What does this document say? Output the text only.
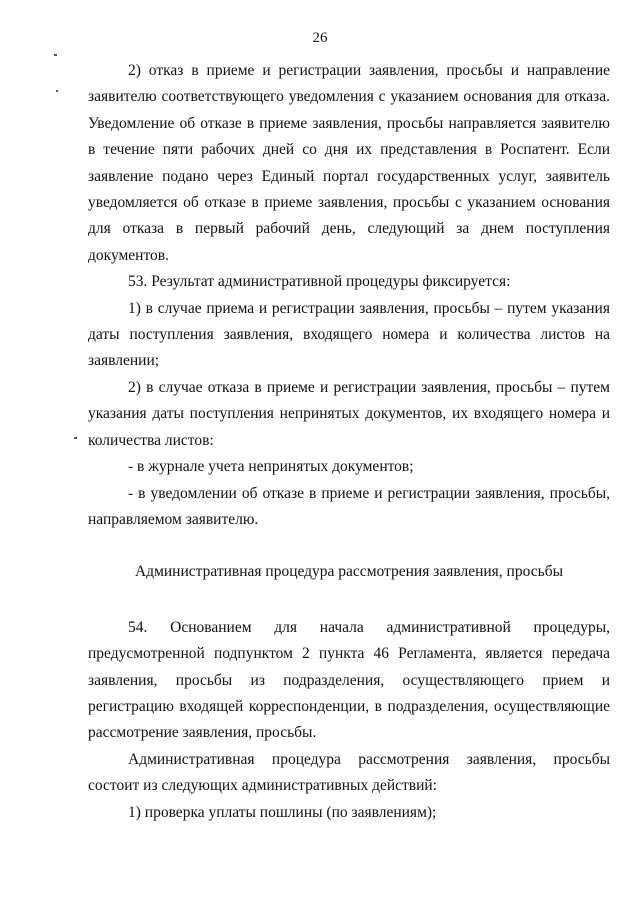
26

2) отказ в приеме и регистрации заявления, просьбы и направление заявителю соответствующего уведомления с указанием основания для отказа. Уведомление об отказе в приеме заявления, просьбы направляется заявителю в течение пяти рабочих дней со дня их представления в Роспатент. Если заявление подано через Единый портал государственных услуг, заявитель уведомляется об отказе в приеме заявления, просьбы с указанием основания для отказа в первый рабочий день, следующий за днем поступления документов.

53. Результат административной процедуры фиксируется:

1) в случае приема и регистрации заявления, просьбы – путем указания даты поступления заявления, входящего номера и количества листов на заявлении;

2) в случае отказа в приеме и регистрации заявления, просьбы – путем указания даты поступления непринятых документов, их входящего номера и количества листов:

- в журнале учета непринятых документов;

- в уведомлении об отказе в приеме и регистрации заявления, просьбы, направляемом заявителю.

Административная процедура рассмотрения заявления, просьбы

54. Основанием для начала административной процедуры, предусмотренной подпунктом 2 пункта 46 Регламента, является передача заявления, просьбы из подразделения, осуществляющего прием и регистрацию входящей корреспонденции, в подразделения, осуществляющие рассмотрение заявления, просьбы.

Административная процедура рассмотрения заявления, просьбы состоит из следующих административных действий:

1) проверка уплаты пошлины (по заявлениям);
